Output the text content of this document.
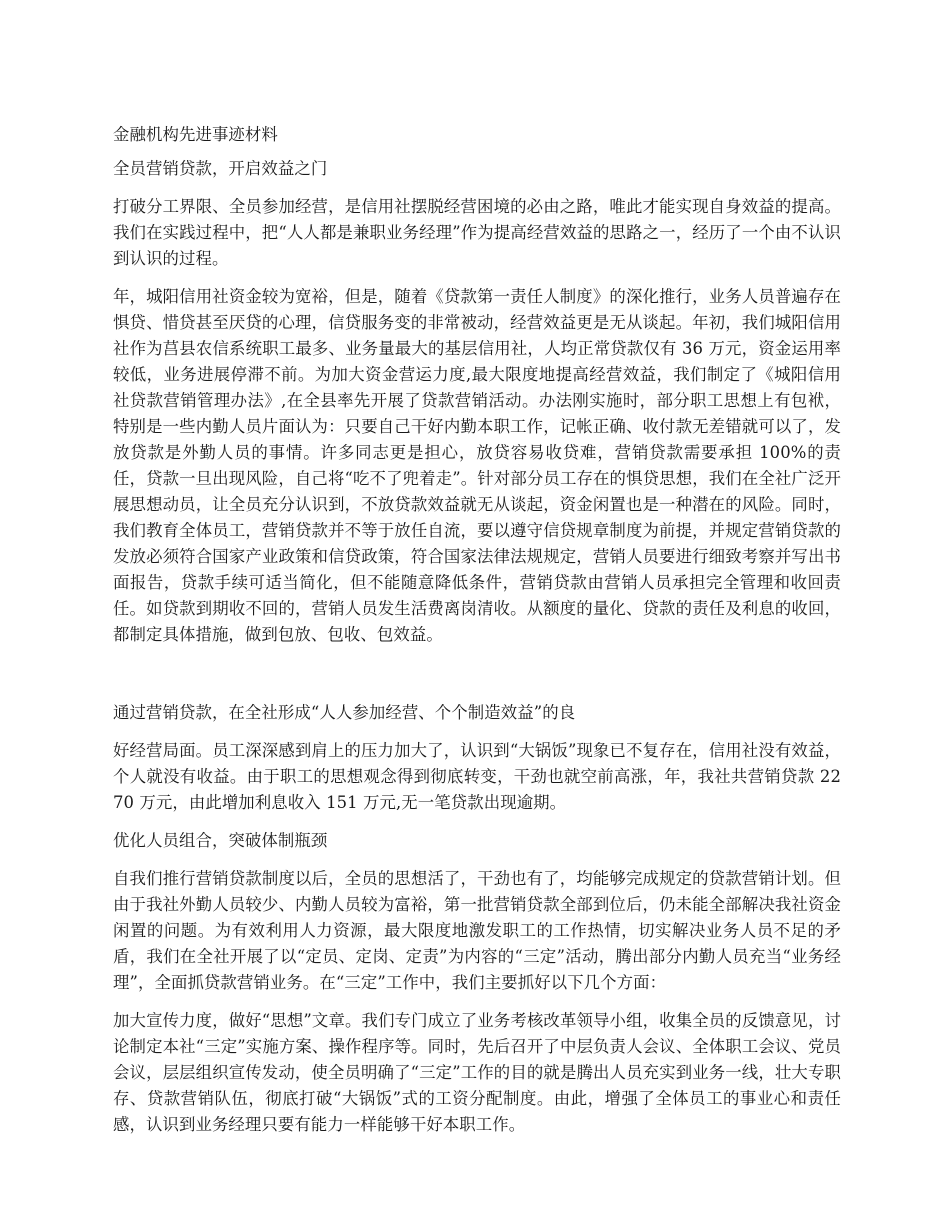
金融机构先进事迹材料

全员营销贷款，开启效益之门

打破分工界限、全员参加经营，是信用社摆脱经营困境的必由之路，唯此才能实现自身效益的提高。我们在实践过程中，把“人人都是兼职业务经理”作为提高经营效益的思路之一，经历了一个由不认识到认识的过程。

年，城阳信用社资金较为宽裕，但是，随着《贷款第一责任人制度》的深化推行，业务人员普遍存在惧贷、惜贷甚至厌贷的心理，信贷服务变的非常被动，经营效益更是无从谈起。年初，我们城阳信用社作为莒县农信系统职工最多、业务量最大的基层信用社，人均正常贷款仅有 36 万元，资金运用率较低，业务进展停滞不前。为加大资金营运力度,最大限度地提高经营效益，我们制定了《城阳信用社贷款营销管理办法》,在全县率先开展了贷款营销活动。办法刚实施时，部分职工思想上有包袱，特别是一些内勤人员片面认为：只要自己干好内勤本职工作，记帐正确、收付款无差错就可以了，发放贷款是外勤人员的事情。许多同志更是担心，放贷容易收贷难，营销贷款需要承担 100%的责任，贷款一旦出现风险，自己将“吃不了兜着走”。针对部分员工存在的惧贷思想，我们在全社广泛开展思想动员，让全员充分认识到，不放贷款效益就无从谈起，资金闲置也是一种潜在的风险。同时，我们教育全体员工，营销贷款并不等于放任自流，要以遵守信贷规章制度为前提，并规定营销贷款的发放必须符合国家产业政策和信贷政策，符合国家法律法规规定，营销人员要进行细致考察并写出书面报告，贷款手续可适当简化，但不能随意降低条件，营销贷款由营销人员承担完全管理和收回责任。如贷款到期收不回的，营销人员发生活费离岗清收。从额度的量化、贷款的责任及利息的收回，都制定具体措施，做到包放、包收、包效益。

通过营销贷款，在全社形成“人人参加经营、个个制造效益”的良

好经营局面。员工深深感到肩上的压力加大了，认识到“大锅饭”现象已不复存在，信用社没有效益，个人就没有收益。由于职工的思想观念得到彻底转变，干劲也就空前高涨，年，我社共营销贷款 2270 万元，由此增加利息收入 151 万元,无一笔贷款出现逾期。

优化人员组合，突破体制瓶颈

自我们推行营销贷款制度以后，全员的思想活了，干劲也有了，均能够完成规定的贷款营销计划。但由于我社外勤人员较少、内勤人员较为富裕，第一批营销贷款全部到位后，仍未能全部解决我社资金闲置的问题。为有效利用人力资源，最大限度地激发职工的工作热情，切实解决业务人员不足的矛盾，我们在全社开展了以“定员、定岗、定责”为内容的“三定”活动，腾出部分内勤人员充当“业务经理”，全面抓贷款营销业务。在“三定”工作中，我们主要抓好以下几个方面：

加大宣传力度，做好“思想”文章。我们专门成立了业务考核改革领导小组，收集全员的反馈意见，讨论制定本社“三定”实施方案、操作程序等。同时，先后召开了中层负责人会议、全体职工会议、党员会议，层层组织宣传发动，使全员明确了“三定”工作的目的就是腾出人员充实到业务一线，壮大专职存、贷款营销队伍，彻底打破“大锅饭”式的工资分配制度。由此，增强了全体员工的事业心和责任感，认识到业务经理只要有能力一样能够干好本职工作。
